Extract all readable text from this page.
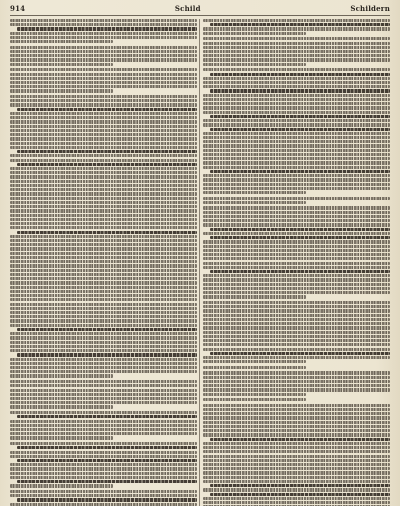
914	Schild	Schildern
